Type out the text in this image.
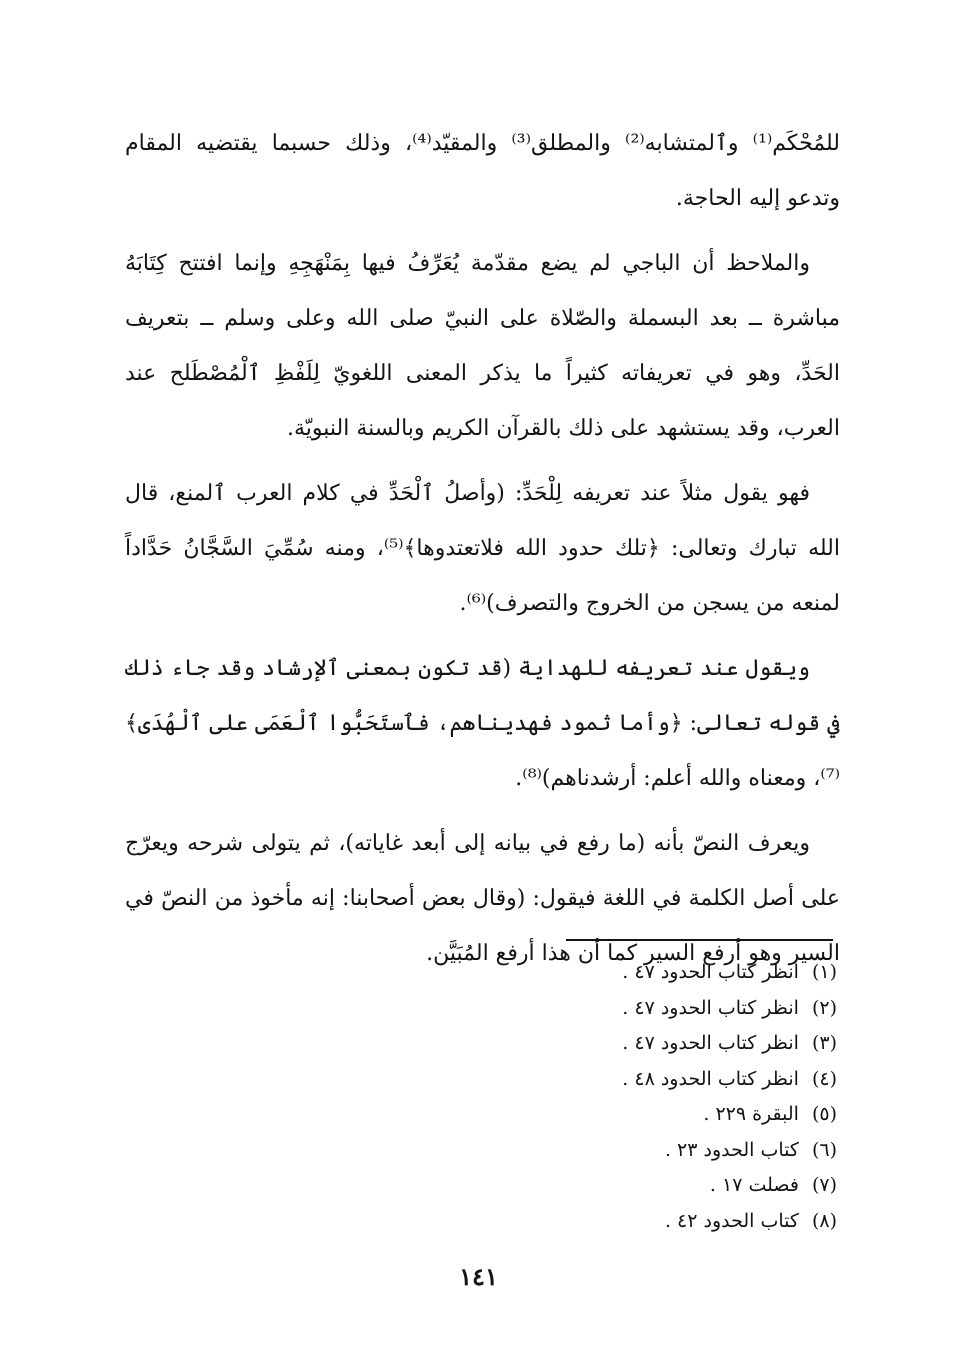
للمُحْكَم⁽¹⁾ وٱلمتشابه⁽²⁾ والمطلق⁽³⁾ والمقيّد⁽⁴⁾، وذلك حسبما يقتضيه المقام وتدعو إليه الحاجة.

والملاحظ أن الباجي لم يضع مقدّمة يُعَرِّفُ فيها بِمَنْهَجِهِ وإنما افتتح كِتَابَهُ مباشرة ــ بعد البسملة والصّلاة على النبيّ صلى الله وعلى وسلم ــ بتعريف الحَدِّ، وهو في تعريفاته كثيراً ما يذكر المعنى اللغويّ لِلَفْظِ ٱلْمُصْطَلح عند العرب، وقد يستشهد على ذلك بالقرآن الكريم وبالسنة النبويّة.

فهو يقول مثلاً عند تعريفه لِلْحَدِّ: (وأصلُ ٱلْحَدِّ في كلام العرب ٱلمنع، قال الله تبارك وتعالى: ﴿تلك حدود الله فلاتعتدوها﴾⁽⁵⁾، ومنه سُمِّيَ السَّجَّانُ حَدَّاداً لمنعه من يسجن من الخروج والتصرف)⁽⁶⁾.

ويقول عند تعريفه للهداية (قد تكون بمعنى ٱلإرشاد وقد جاء ذلك في قوله تعالى: ﴿وأما ثمود فهديناهم، فٱستَحَبُّوا ٱلْعَمَى على ٱلْهُدَى﴾⁽⁷⁾، ومعناه والله أعلم: أرشدناهم)⁽⁸⁾.

ويعرف النصّ بأنه (ما رفع في بيانه إلى أبعد غاياته)، ثم يتولى شرحه ويعرّج على أصل الكلمة في اللغة فيقول: (وقال بعض أصحابنا: إنه مأخوذ من النصّ في السير وهو أرفع السير كما أن هذا أرفع المُبَيَّن.

(١) انظر كتاب الحدود ٤٧ .
(٢) انظر كتاب الحدود ٤٧ .
(٣) انظر كتاب الحدود ٤٧ .
(٤) انظر كتاب الحدود ٤٨ .
(٥) البقرة ٢٢٩ .
(٦) كتاب الحدود ٢٣ .
(٧) فصلت ١٧ .
(٨) كتاب الحدود ٤٢ .
١٤١
